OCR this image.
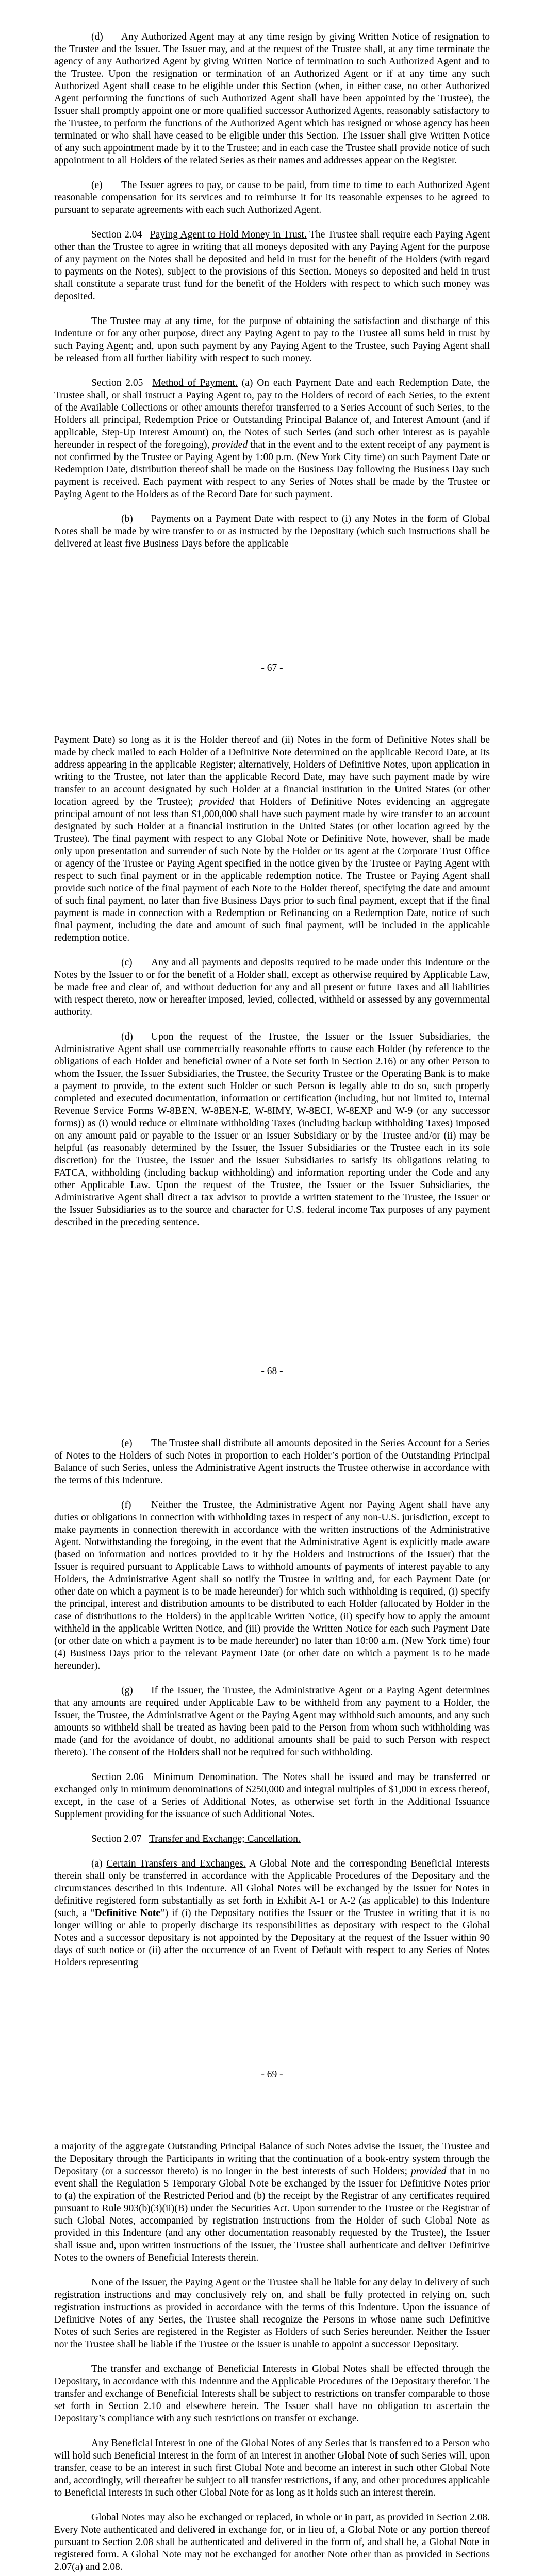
(d) Any Authorized Agent may at any time resign by giving Written Notice of resignation to the Trustee and the Issuer. The Issuer may, and at the request of the Trustee shall, at any time terminate the agency of any Authorized Agent by giving Written Notice of termination to such Authorized Agent and to the Trustee. Upon the resignation or termination of an Authorized Agent or if at any time any such Authorized Agent shall cease to be eligible under this Section (when, in either case, no other Authorized Agent performing the functions of such Authorized Agent shall have been appointed by the Trustee), the Issuer shall promptly appoint one or more qualified successor Authorized Agents, reasonably satisfactory to the Trustee, to perform the functions of the Authorized Agent which has resigned or whose agency has been terminated or who shall have ceased to be eligible under this Section. The Issuer shall give Written Notice of any such appointment made by it to the Trustee; and in each case the Trustee shall provide notice of such appointment to all Holders of the related Series as their names and addresses appear on the Register.

(e) The Issuer agrees to pay, or cause to be paid, from time to time to each Authorized Agent reasonable compensation for its services and to reimburse it for its reasonable expenses to be agreed to pursuant to separate agreements with each such Authorized Agent.

Section 2.04 Paying Agent to Hold Money in Trust. The Trustee shall require each Paying Agent other than the Trustee to agree in writing that all moneys deposited with any Paying Agent for the purpose of any payment on the Notes shall be deposited and held in trust for the benefit of the Holders (with regard to payments on the Notes), subject to the provisions of this Section. Moneys so deposited and held in trust shall constitute a separate trust fund for the benefit of the Holders with respect to which such money was deposited.

The Trustee may at any time, for the purpose of obtaining the satisfaction and discharge of this Indenture or for any other purpose, direct any Paying Agent to pay to the Trustee all sums held in trust by such Paying Agent; and, upon such payment by any Paying Agent to the Trustee, such Paying Agent shall be released from all further liability with respect to such money.

Section 2.05 Method of Payment. (a) On each Payment Date and each Redemption Date, the Trustee shall, or shall instruct a Paying Agent to, pay to the Holders of record of each Series, to the extent of the Available Collections or other amounts therefor transferred to a Series Account of such Series, to the Holders all principal, Redemption Price or Outstanding Principal Balance of, and Interest Amount (and if applicable, Step-Up Interest Amount) on, the Notes of such Series (and such other interest as is payable hereunder in respect of the foregoing), provided that in the event and to the extent receipt of any payment is not confirmed by the Trustee or Paying Agent by 1:00 p.m. (New York City time) on such Payment Date or Redemption Date, distribution thereof shall be made on the Business Day following the Business Day such payment is received. Each payment with respect to any Series of Notes shall be made by the Trustee or Paying Agent to the Holders as of the Record Date for such payment.

(b) Payments on a Payment Date with respect to (i) any Notes in the form of Global Notes shall be made by wire transfer to or as instructed by the Depositary (which such instructions shall be delivered at least five Business Days before the applicable

- 67 -

Payment Date) so long as it is the Holder thereof and (ii) Notes in the form of Definitive Notes shall be made by check mailed to each Holder of a Definitive Note determined on the applicable Record Date, at its address appearing in the applicable Register; alternatively, Holders of Definitive Notes, upon application in writing to the Trustee, not later than the applicable Record Date, may have such payment made by wire transfer to an account designated by such Holder at a financial institution in the United States (or other location agreed by the Trustee); provided that Holders of Definitive Notes evidencing an aggregate principal amount of not less than $1,000,000 shall have such payment made by wire transfer to an account designated by such Holder at a financial institution in the United States (or other location agreed by the Trustee). The final payment with respect to any Global Note or Definitive Note, however, shall be made only upon presentation and surrender of such Note by the Holder or its agent at the Corporate Trust Office or agency of the Trustee or Paying Agent specified in the notice given by the Trustee or Paying Agent with respect to such final payment or in the applicable redemption notice. The Trustee or Paying Agent shall provide such notice of the final payment of each Note to the Holder thereof, specifying the date and amount of such final payment, no later than five Business Days prior to such final payment, except that if the final payment is made in connection with a Redemption or Refinancing on a Redemption Date, notice of such final payment, including the date and amount of such final payment, will be included in the applicable redemption notice.

(c) Any and all payments and deposits required to be made under this Indenture or the Notes by the Issuer to or for the benefit of a Holder shall, except as otherwise required by Applicable Law, be made free and clear of, and without deduction for any and all present or future Taxes and all liabilities with respect thereto, now or hereafter imposed, levied, collected, withheld or assessed by any governmental authority.

(d) Upon the request of the Trustee, the Issuer or the Issuer Subsidiaries, the Administrative Agent shall use commercially reasonable efforts to cause each Holder (by reference to the obligations of each Holder and beneficial owner of a Note set forth in Section 2.16) or any other Person to whom the Issuer, the Issuer Subsidiaries, the Trustee, the Security Trustee or the Operating Bank is to make a payment to provide, to the extent such Holder or such Person is legally able to do so, such properly completed and executed documentation, information or certification (including, but not limited to, Internal Revenue Service Forms W-8BEN, W-8BEN-E, W-8IMY, W-8ECI, W-8EXP and W-9 (or any successor forms)) as (i) would reduce or eliminate withholding Taxes (including backup withholding Taxes) imposed on any amount paid or payable to the Issuer or an Issuer Subsidiary or by the Trustee and/or (ii) may be helpful (as reasonably determined by the Issuer, the Issuer Subsidiaries or the Trustee each in its sole discretion) for the Trustee, the Issuer and the Issuer Subsidiaries to satisfy its obligations relating to FATCA, withholding (including backup withholding) and information reporting under the Code and any other Applicable Law. Upon the request of the Trustee, the Issuer or the Issuer Subsidiaries, the Administrative Agent shall direct a tax advisor to provide a written statement to the Trustee, the Issuer or the Issuer Subsidiaries as to the source and character for U.S. federal income Tax purposes of any payment described in the preceding sentence.

- 68 -

(e) The Trustee shall distribute all amounts deposited in the Series Account for a Series of Notes to the Holders of such Notes in proportion to each Holder’s portion of the Outstanding Principal Balance of such Series, unless the Administrative Agent instructs the Trustee otherwise in accordance with the terms of this Indenture.

(f) Neither the Trustee, the Administrative Agent nor Paying Agent shall have any duties or obligations in connection with withholding taxes in respect of any non-U.S. jurisdiction, except to make payments in connection therewith in accordance with the written instructions of the Administrative Agent. Notwithstanding the foregoing, in the event that the Administrative Agent is explicitly made aware (based on information and notices provided to it by the Holders and instructions of the Issuer) that the Issuer is required pursuant to Applicable Laws to withhold amounts of payments of interest payable to any Holders, the Administrative Agent shall so notify the Trustee in writing and, for each Payment Date (or other date on which a payment is to be made hereunder) for which such withholding is required, (i) specify the principal, interest and distribution amounts to be distributed to each Holder (allocated by Holder in the case of distributions to the Holders) in the applicable Written Notice, (ii) specify how to apply the amount withheld in the applicable Written Notice, and (iii) provide the Written Notice for each such Payment Date (or other date on which a payment is to be made hereunder) no later than 10:00 a.m. (New York time) four (4) Business Days prior to the relevant Payment Date (or other date on which a payment is to be made hereunder).

(g) If the Issuer, the Trustee, the Administrative Agent or a Paying Agent determines that any amounts are required under Applicable Law to be withheld from any payment to a Holder, the Issuer, the Trustee, the Administrative Agent or the Paying Agent may withhold such amounts, and any such amounts so withheld shall be treated as having been paid to the Person from whom such withholding was made (and for the avoidance of doubt, no additional amounts shall be paid to such Person with respect thereto). The consent of the Holders shall not be required for such withholding.

Section 2.06 Minimum Denomination. The Notes shall be issued and may be transferred or exchanged only in minimum denominations of $250,000 and integral multiples of $1,000 in excess thereof, except, in the case of a Series of Additional Notes, as otherwise set forth in the Additional Issuance Supplement providing for the issuance of such Additional Notes.

Section 2.07 Transfer and Exchange; Cancellation.

(a) Certain Transfers and Exchanges. A Global Note and the corresponding Beneficial Interests therein shall only be transferred in accordance with the Applicable Procedures of the Depositary and the circumstances described in this Indenture. All Global Notes will be exchanged by the Issuer for Notes in definitive registered form substantially as set forth in Exhibit A-1 or A-2 (as applicable) to this Indenture (such, a “Definitive Note”) if (i) the Depositary notifies the Issuer or the Trustee in writing that it is no longer willing or able to properly discharge its responsibilities as depositary with respect to the Global Notes and a successor depositary is not appointed by the Depositary at the request of the Issuer within 90 days of such notice or (ii) after the occurrence of an Event of Default with respect to any Series of Notes Holders representing

- 69 -

a majority of the aggregate Outstanding Principal Balance of such Notes advise the Issuer, the Trustee and the Depositary through the Participants in writing that the continuation of a book-entry system through the Depositary (or a successor thereto) is no longer in the best interests of such Holders; provided that in no event shall the Regulation S Temporary Global Note be exchanged by the Issuer for Definitive Notes prior to (a) the expiration of the Restricted Period and (b) the receipt by the Registrar of any certificates required pursuant to Rule 903(b)(3)(ii)(B) under the Securities Act. Upon surrender to the Trustee or the Registrar of such Global Notes, accompanied by registration instructions from the Holder of such Global Note as provided in this Indenture (and any other documentation reasonably requested by the Trustee), the Issuer shall issue and, upon written instructions of the Issuer, the Trustee shall authenticate and deliver Definitive Notes to the owners of Beneficial Interests therein.

None of the Issuer, the Paying Agent or the Trustee shall be liable for any delay in delivery of such registration instructions and may conclusively rely on, and shall be fully protected in relying on, such registration instructions as provided in accordance with the terms of this Indenture. Upon the issuance of Definitive Notes of any Series, the Trustee shall recognize the Persons in whose name such Definitive Notes of such Series are registered in the Register as Holders of such Series hereunder. Neither the Issuer nor the Trustee shall be liable if the Trustee or the Issuer is unable to appoint a successor Depositary.

The transfer and exchange of Beneficial Interests in Global Notes shall be effected through the Depositary, in accordance with this Indenture and the Applicable Procedures of the Depositary therefor. The transfer and exchange of Beneficial Interests shall be subject to restrictions on transfer comparable to those set forth in Section 2.10 and elsewhere herein. The Issuer shall have no obligation to ascertain the Depositary’s compliance with any such restrictions on transfer or exchange.

Any Beneficial Interest in one of the Global Notes of any Series that is transferred to a Person who will hold such Beneficial Interest in the form of an interest in another Global Note of such Series will, upon transfer, cease to be an interest in such first Global Note and become an interest in such other Global Note and, accordingly, will thereafter be subject to all transfer restrictions, if any, and other procedures applicable to Beneficial Interests in such other Global Note for as long as it holds such an interest therein.

Global Notes may also be exchanged or replaced, in whole or in part, as provided in Section 2.08. Every Note authenticated and delivered in exchange for, or in lieu of, a Global Note or any portion thereof pursuant to Section 2.08 shall be authenticated and delivered in the form of, and shall be, a Global Note in registered form. A Global Note may not be exchanged for another Note other than as provided in Sections 2.07(a) and 2.08.
